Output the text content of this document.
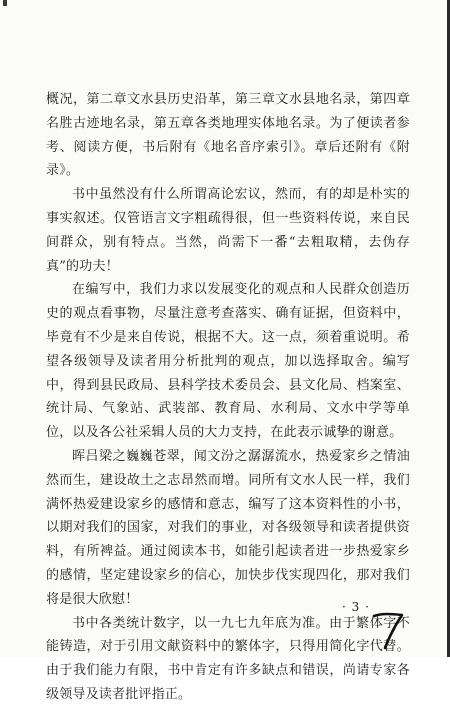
概况，第二章文水县历史沿革，第三章文水县地名录，第四章名胜古迹地名录，第五章各类地理实体地名录。为了便读者参考、阅读方便，书后附有《地名音序索引》。章后还附有《附录》。

书中虽然没有什么所谓高论宏议，然而，有的却是朴实的事实叙述。仅管语言文字粗疏得很，但一些资料传说，来自民间群众，别有特点。当然，尚需下一番“去粗取精，去伪存真”的功夫！

在编写中，我们力求以发展变化的观点和人民群众创造历史的观点看事物，尽量注意考查落实、确有证据，但资料中，毕竟有不少是来自传说，根据不大。这一点，须着重说明。希望各级领导及读者用分析批判的观点，加以选择取舍。编写中，得到县民政局、县科学技术委员会、县文化局、档案室、统计局、气象站、武装部、教育局、水利局、文水中学等单位，以及各公社采辑人员的大力支持，在此表示诚挚的谢意。

晖吕梁之巍巍苍翠，闻文汾之潺潺流水，热爱家乡之情油然而生，建设故土之志昂然而增。同所有文水人民一样，我们满怀热爱建设家乡的感情和意志，编写了这本资料性的小书，以期对我们的国家，对我们的事业，对各级领导和读者提供资料，有所裨益。通过阅读本书，如能引起读者进一步热爱家乡的感情，坚定建设家乡的信心，加快步伐实现四化，那对我们将是很大欣慰！

书中各类统计数字，以一九七九年底为准。由于繁体字不能铸造，对于引用文献资料中的繁体字，只得用简化字代替。由于我们能力有限，书中肯定有许多缺点和错误，尚请专家各级领导及读者批评指正。

· 3 ·
